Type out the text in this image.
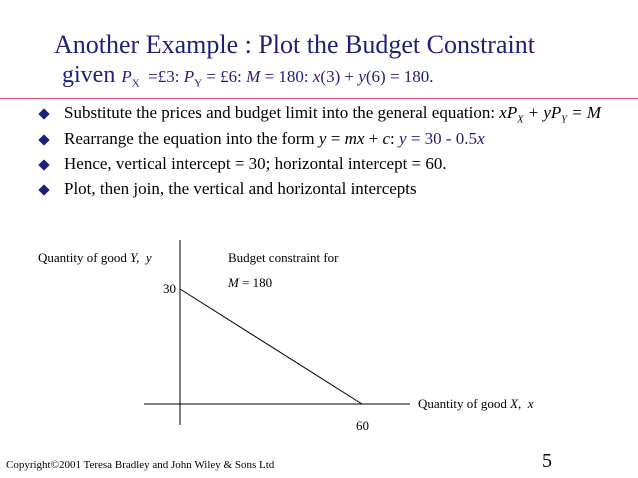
Another Example : Plot the Budget Constraint
given $P_X$ =£3: $P_Y$ = £6: M = 180: x(3) + y(6) = 180.
Substitute the prices and budget limit into the general equation: $xP_X + yP_Y = M$
Rearrange the equation into the form y = mx + c: y = 30 - 0.5x
Hence, vertical intercept = 30; horizontal intercept = 60.
Plot, then join, the vertical and horizontal intercepts
Quantity of good Y, y
30
Budget constraint for
M = 180
Quantity of good X, x
60
Copyright©2001 Teresa Bradley and John Wiley & Sons Ltd	5
